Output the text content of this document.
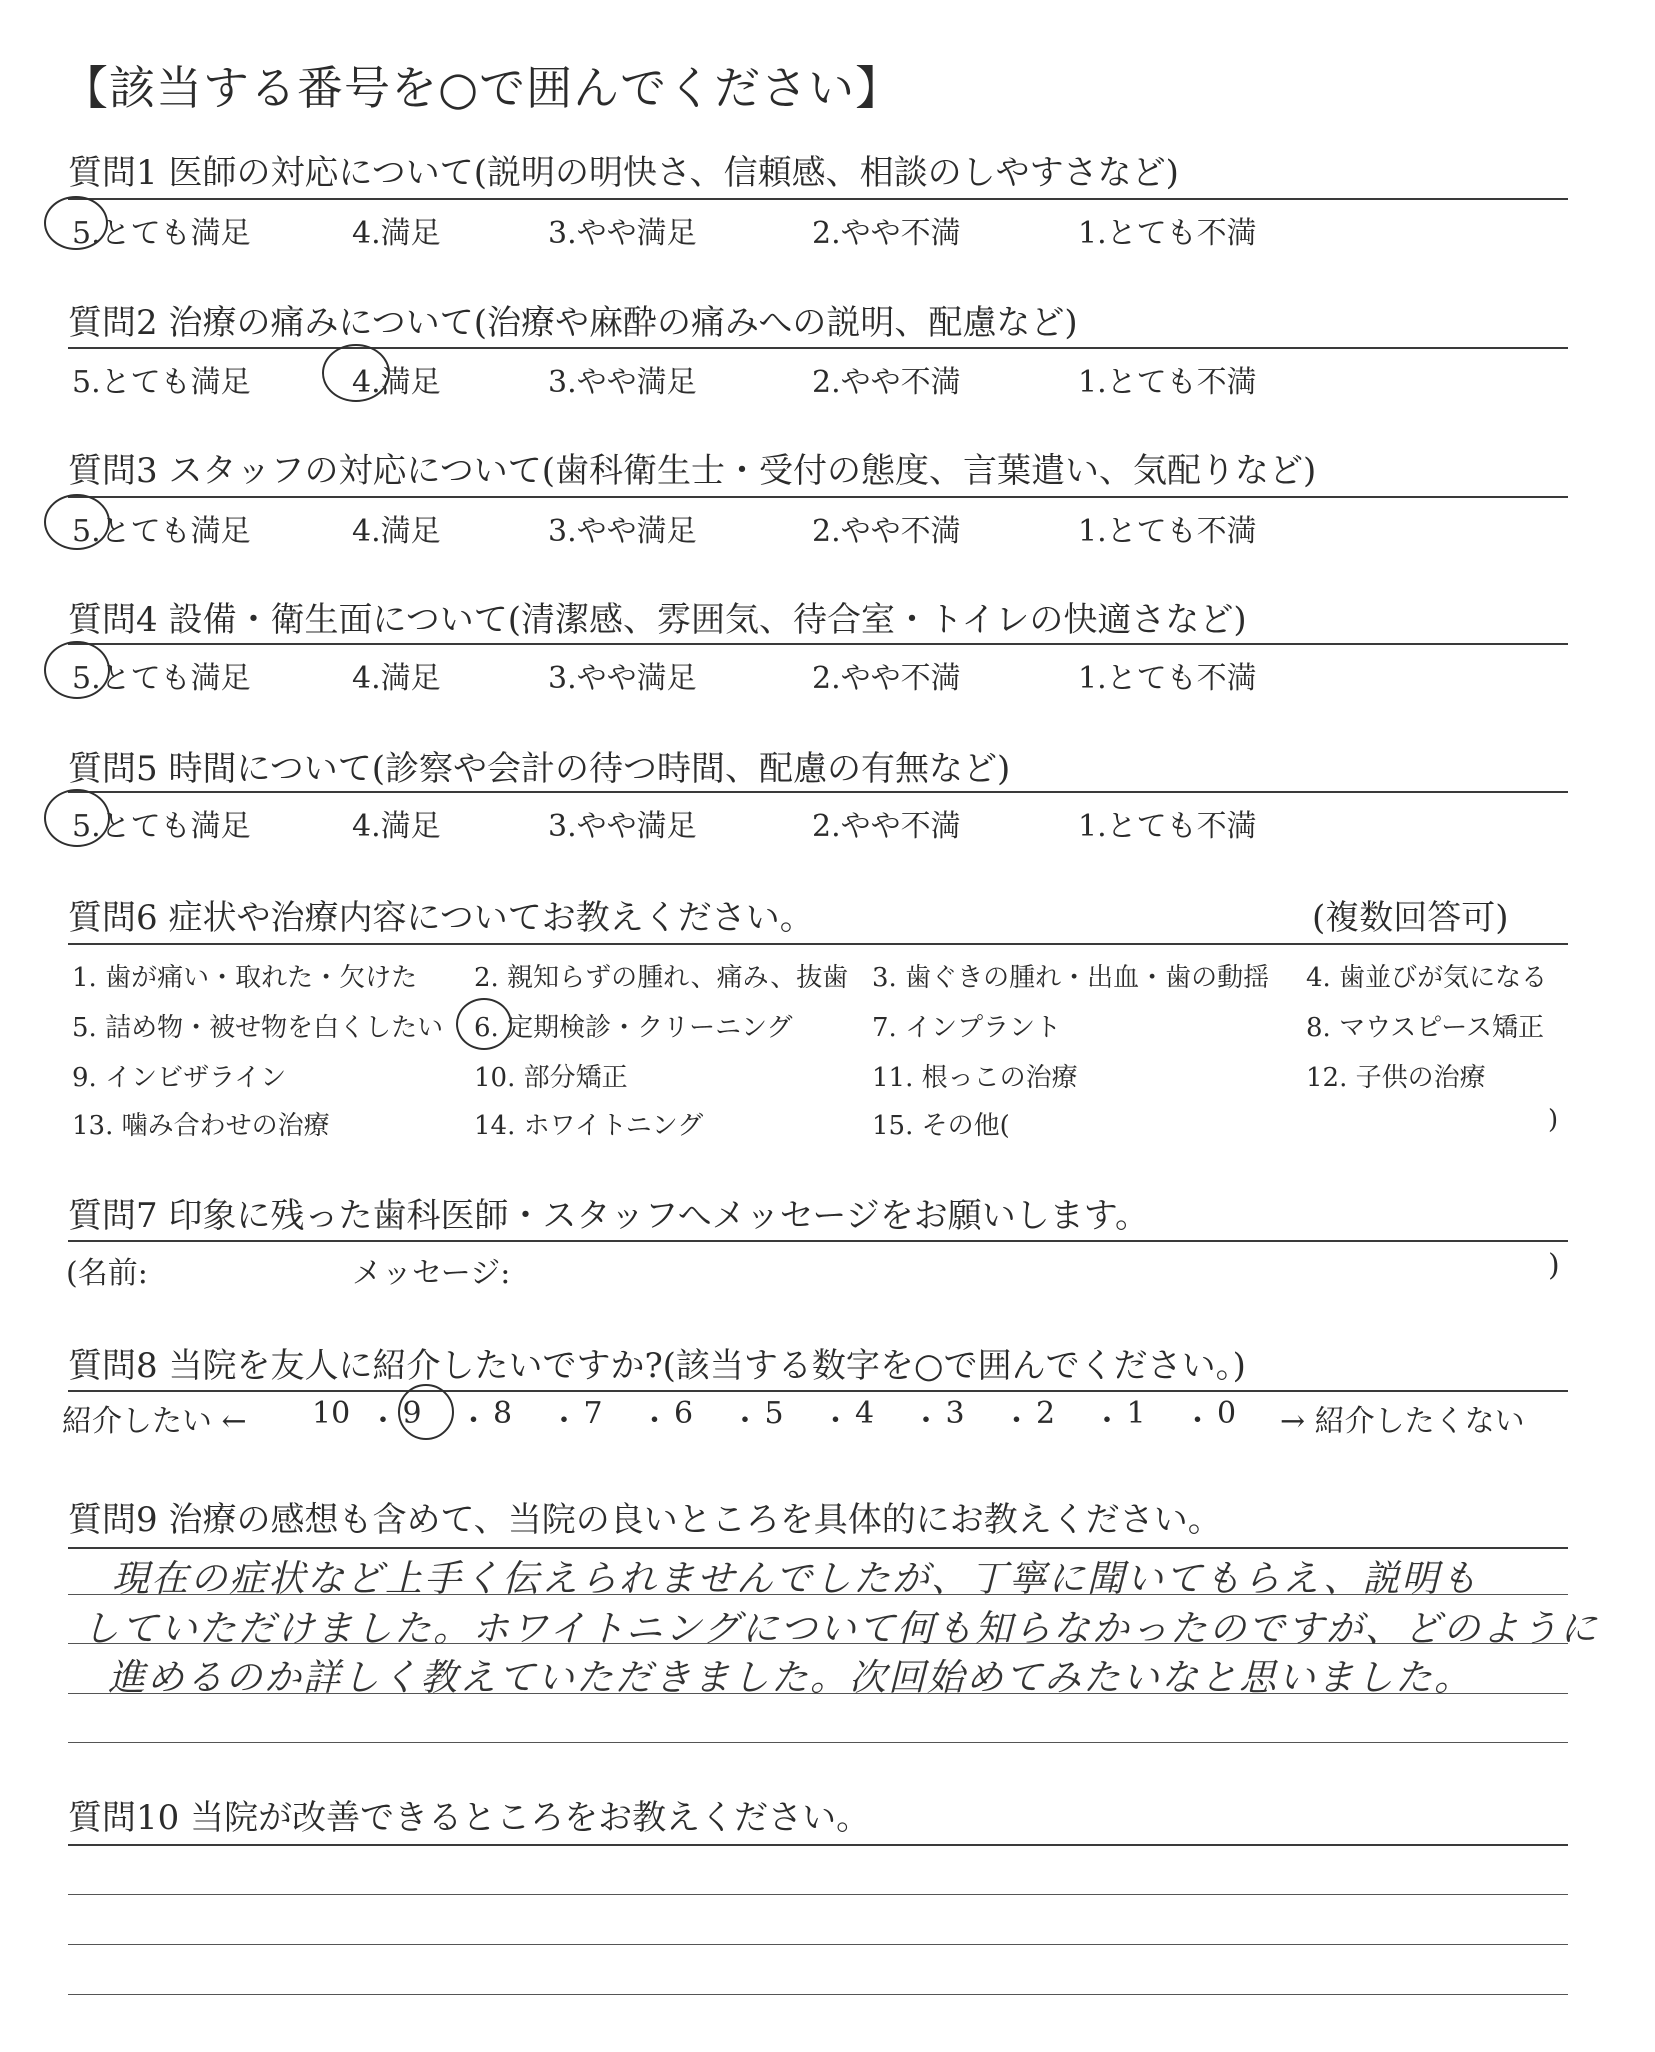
【該当する番号を○で囲んでください】
質問1 医師の対応について(説明の明快さ、信頼感、相談のしやすさなど)
5.とても満足	4.満足	3.やや満足	2.やや不満	1.とても不満
質問2 治療の痛みについて(治療や麻酔の痛みへの説明、配慮など)
5.とても満足	4.満足	3.やや満足	2.やや不満	1.とても不満
質問3 スタッフの対応について(歯科衛生士・受付の態度、言葉遣い、気配りなど)
5.とても満足	4.満足	3.やや満足	2.やや不満	1.とても不満
質問4 設備・衛生面について(清潔感、雰囲気、待合室・トイレの快適さなど)
5.とても満足	4.満足	3.やや満足	2.やや不満	1.とても不満
質問5 時間について(診察や会計の待つ時間、配慮の有無など)
5.とても満足	4.満足	3.やや満足	2.やや不満	1.とても不満
質問6 症状や治療内容についてお教えください。	(複数回答可)
1. 歯が痛い・取れた・欠けた 2. 親知らずの腫れ、痛み、抜歯 3. 歯ぐきの腫れ・出血・歯の動揺 4. 歯並びが気になる
5. 詰め物・被せ物を白くしたい 6. 定期検診・クリーニング	7. インプラント	8. マウスピース矯正
9. インビザライン	10. 部分矯正	11. 根っこの治療	12. 子供の治療
13. 噛み合わせの治療	14. ホワイトニング	15. その他(	)
質問7 印象に残った歯科医師・スタッフへメッセージをお願いします。
(名前:	メッセージ:	)
質問8 当院を友人に紹介したいですか?(該当する数字を○で囲んでください。)
紹介したい ←	→ 紹介したくない
10 ・ 9 ・ 8 ・ 7 ・ 6 ・ 5 ・ 4 ・ 3 ・ 2 ・ 1 ・ 0
質問9 治療の感想も含めて、当院の良いところを具体的にお教えください。
現在の症状など上手く伝えられませんでしたが、丁寧に聞いてもらえ、説明も
していただけました。ホワイトニングについて何も知らなかったのですが、どのように
進めるのか詳しく教えていただきました。次回始めてみたいなと思いました。
質問10 当院が改善できるところをお教えください。
